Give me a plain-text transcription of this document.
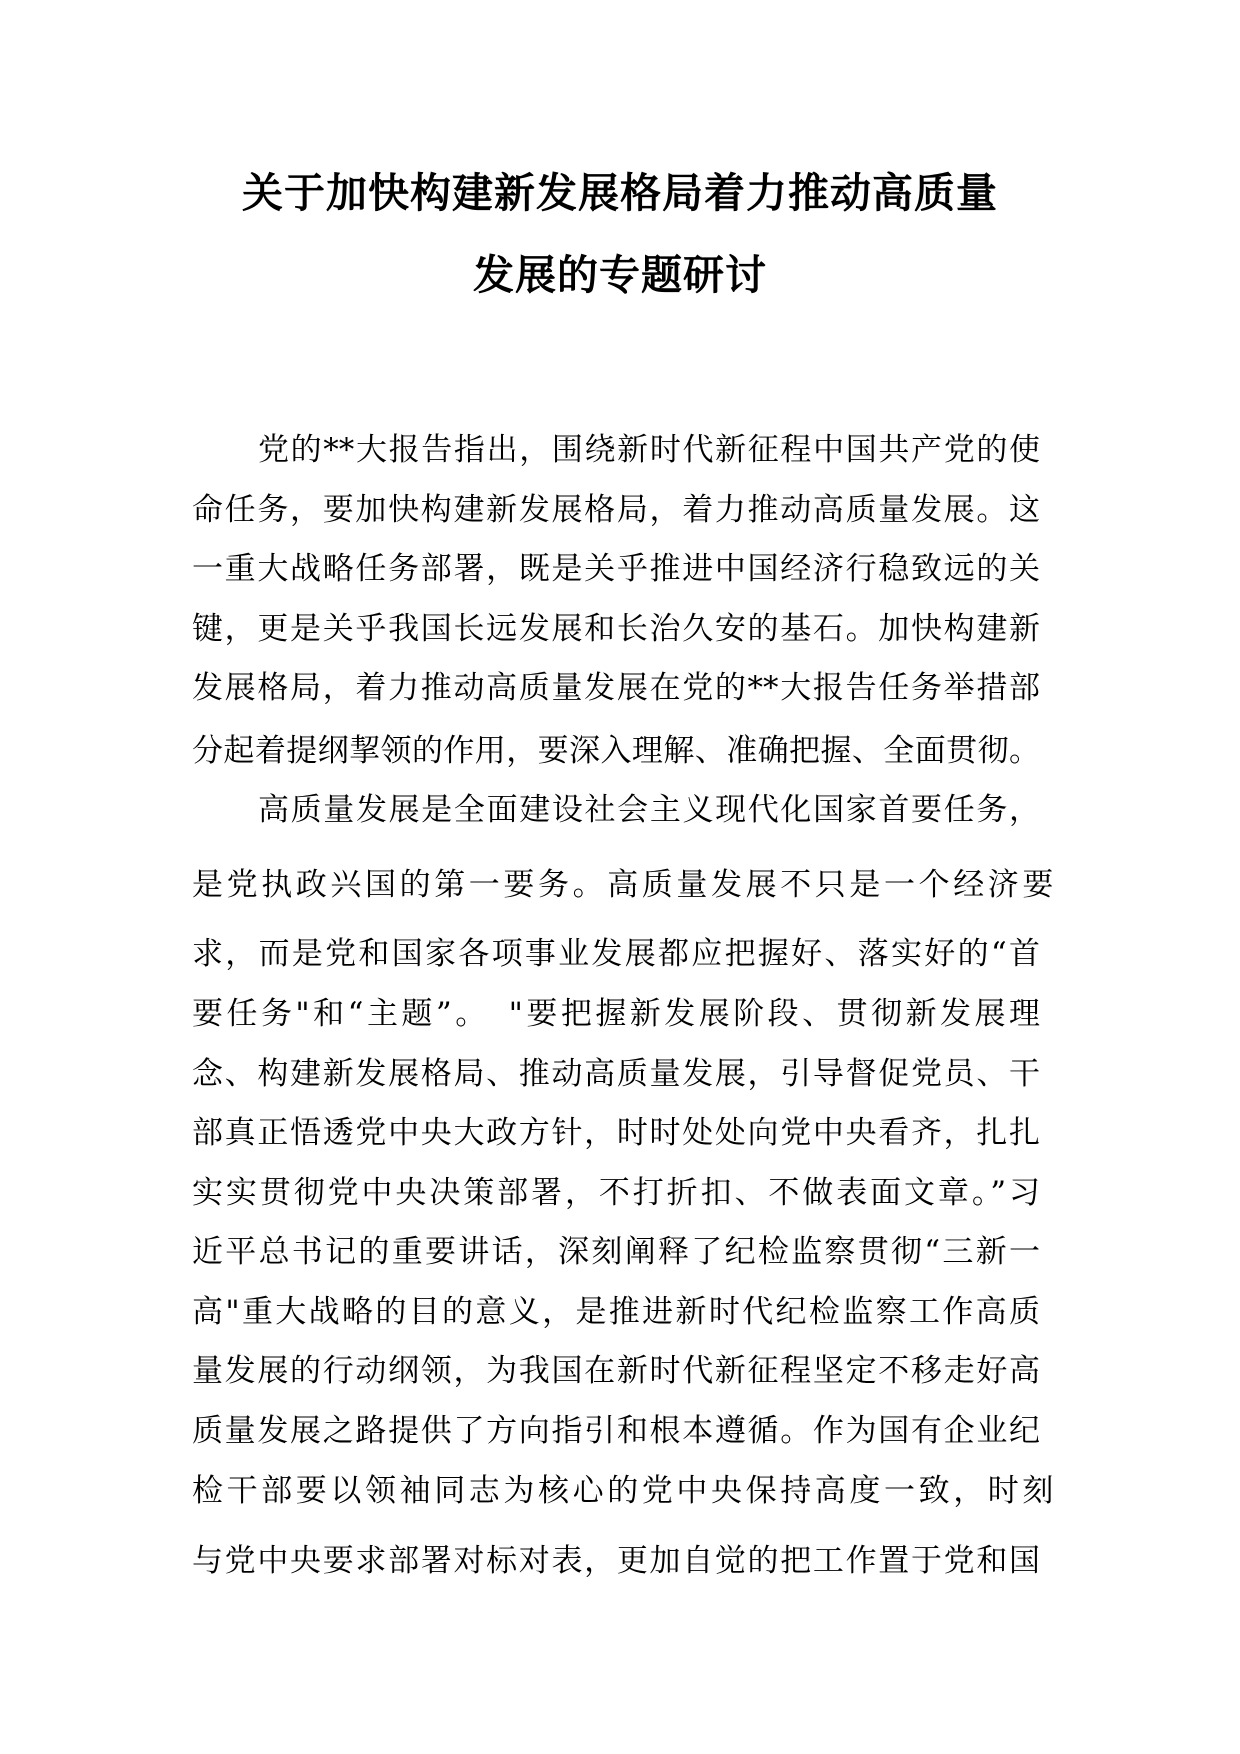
关于加快构建新发展格局着力推动高质量
发展的专题研讨
党的**大报告指出，围绕新时代新征程中国共产党的使
命任务，要加快构建新发展格局，着力推动高质量发展。这
一重大战略任务部署，既是关乎推进中国经济行稳致远的关
键，更是关乎我国长远发展和长治久安的基石。加快构建新
发展格局，着力推动高质量发展在党的**大报告任务举措部
分起着提纲挈领的作用，要深入理解、准确把握、全面贯彻。
高质量发展是全面建设社会主义现代化国家首要任务，
是党执政兴国的第一要务。高质量发展不只是一个经济要
求，而是党和国家各项事业发展都应把握好、落实好的“首
要任务"和“主题”。　"要把握新发展阶段、贯彻新发展理
念、构建新发展格局、推动高质量发展，引导督促党员、干
部真正悟透党中央大政方针，时时处处向党中央看齐，扎扎
实实贯彻党中央决策部署，不打折扣、不做表面文章。”习
近平总书记的重要讲话，深刻阐释了纪检监察贯彻“三新一
高"重大战略的目的意义，是推进新时代纪检监察工作高质
量发展的行动纲领，为我国在新时代新征程坚定不移走好高
质量发展之路提供了方向指引和根本遵循。作为国有企业纪
检干部要以领袖同志为核心的党中央保持高度一致，时刻
与党中央要求部署对标对表，更加自觉的把工作置于党和国
